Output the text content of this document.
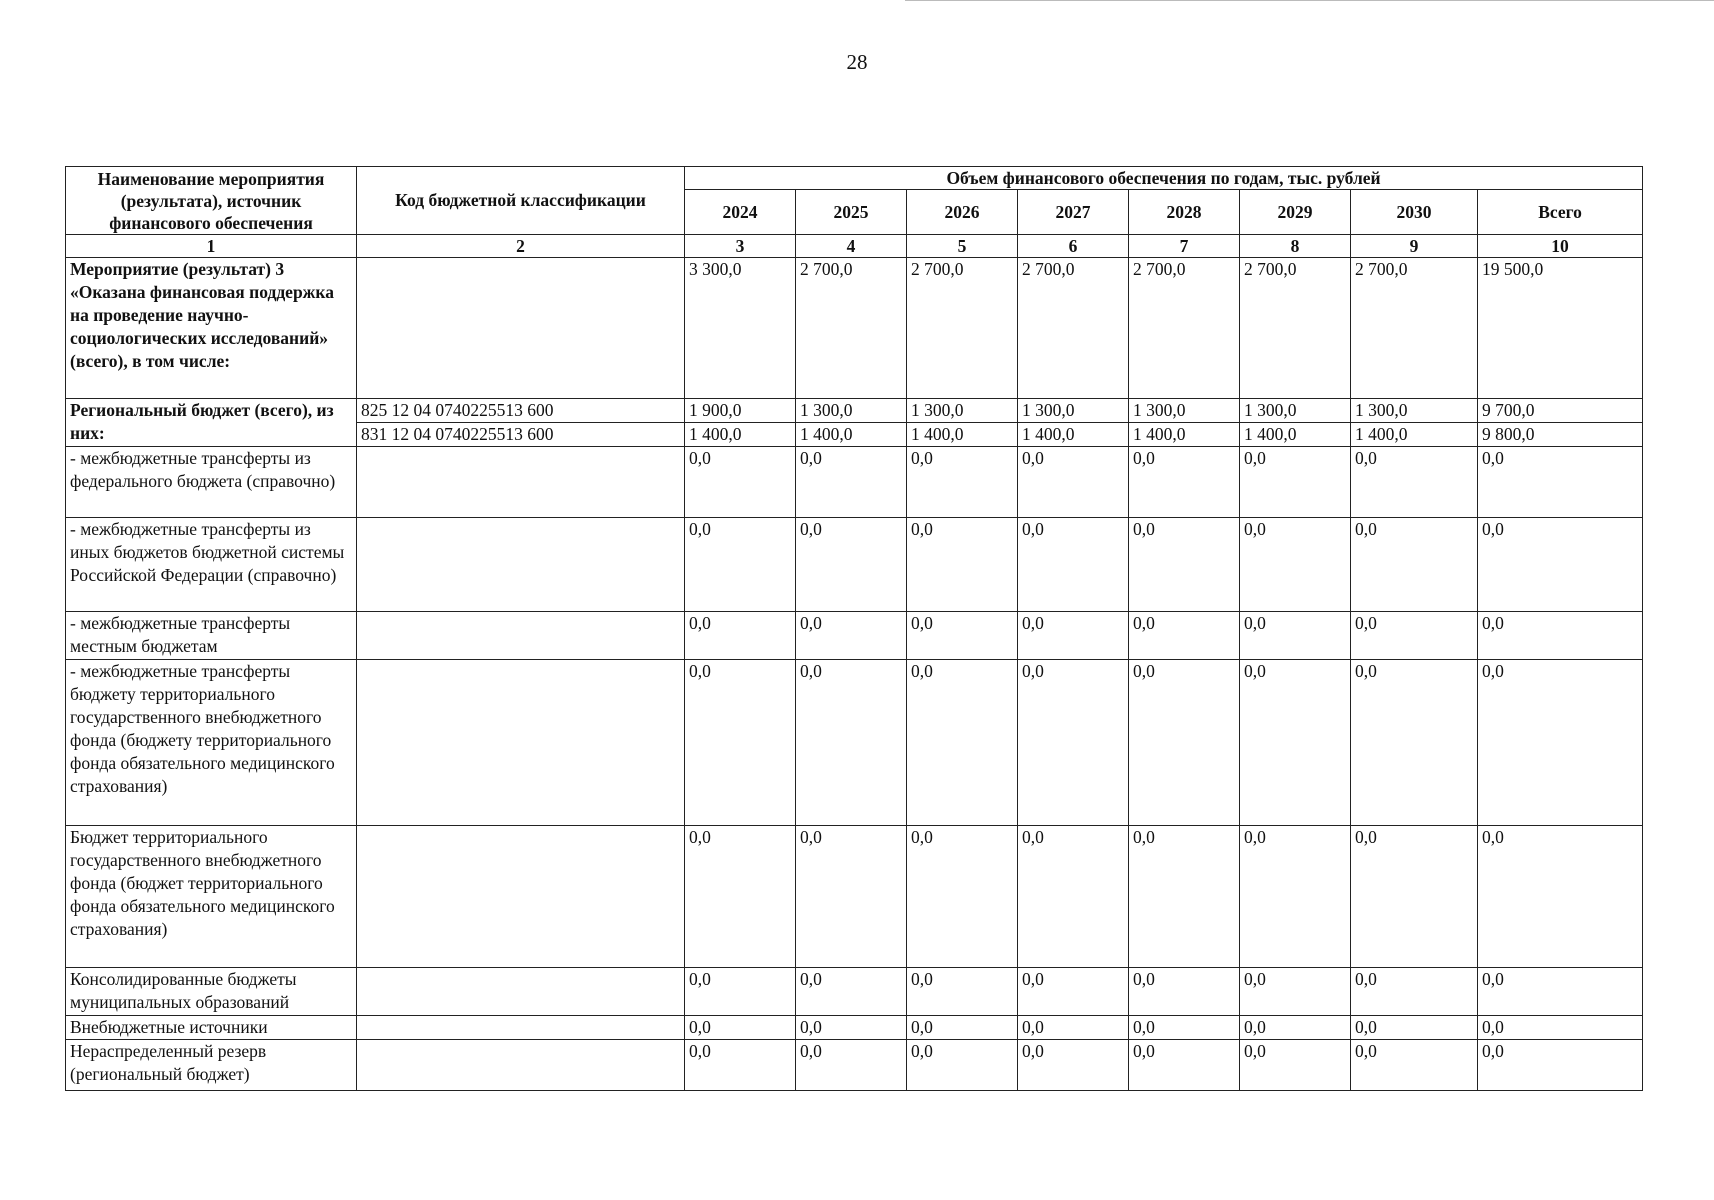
28
Наименование мероприятия (результата), источник финансового обеспечения	Код бюджетной классификации	Объем финансового обеспечения по годам, тыс. рублей							
		2024	2025	2026	2027	2028	2029	2030	Всего
1	2	3	4	5	6	7	8	9	10
Мероприятие (результат) 3 «Оказана финансовая поддержка на проведение научно-социологических исследований» (всего), в том числе:		3 300,0	2 700,0	2 700,0	2 700,0	2 700,0	2 700,0	2 700,0	19 500,0
Региональный бюджет (всего), из них:	825 12 04 0740225513 600	1 900,0	1 300,0	1 300,0	1 300,0	1 300,0	1 300,0	1 300,0	9 700,0
	831 12 04 0740225513 600	1 400,0	1 400,0	1 400,0	1 400,0	1 400,0	1 400,0	1 400,0	9 800,0
- межбюджетные трансферты из федерального бюджета (справочно)		0,0	0,0	0,0	0,0	0,0	0,0	0,0	0,0
- межбюджетные трансферты из иных бюджетов бюджетной системы Российской Федерации (справочно)		0,0	0,0	0,0	0,0	0,0	0,0	0,0	0,0
- межбюджетные трансферты местным бюджетам		0,0	0,0	0,0	0,0	0,0	0,0	0,0	0,0
- межбюджетные трансферты бюджету территориального государственного внебюджетного фонда (бюджету территориального фонда обязательного медицинского страхования)		0,0	0,0	0,0	0,0	0,0	0,0	0,0	0,0
Бюджет территориального государственного внебюджетного фонда (бюджет территориального фонда обязательного медицинского страхования)		0,0	0,0	0,0	0,0	0,0	0,0	0,0	0,0
Консолидированные бюджеты муниципальных образований		0,0	0,0	0,0	0,0	0,0	0,0	0,0	0,0
Внебюджетные источники		0,0	0,0	0,0	0,0	0,0	0,0	0,0	0,0
Нераспределенный резерв (региональный бюджет)		0,0	0,0	0,0	0,0	0,0	0,0	0,0	0,0
